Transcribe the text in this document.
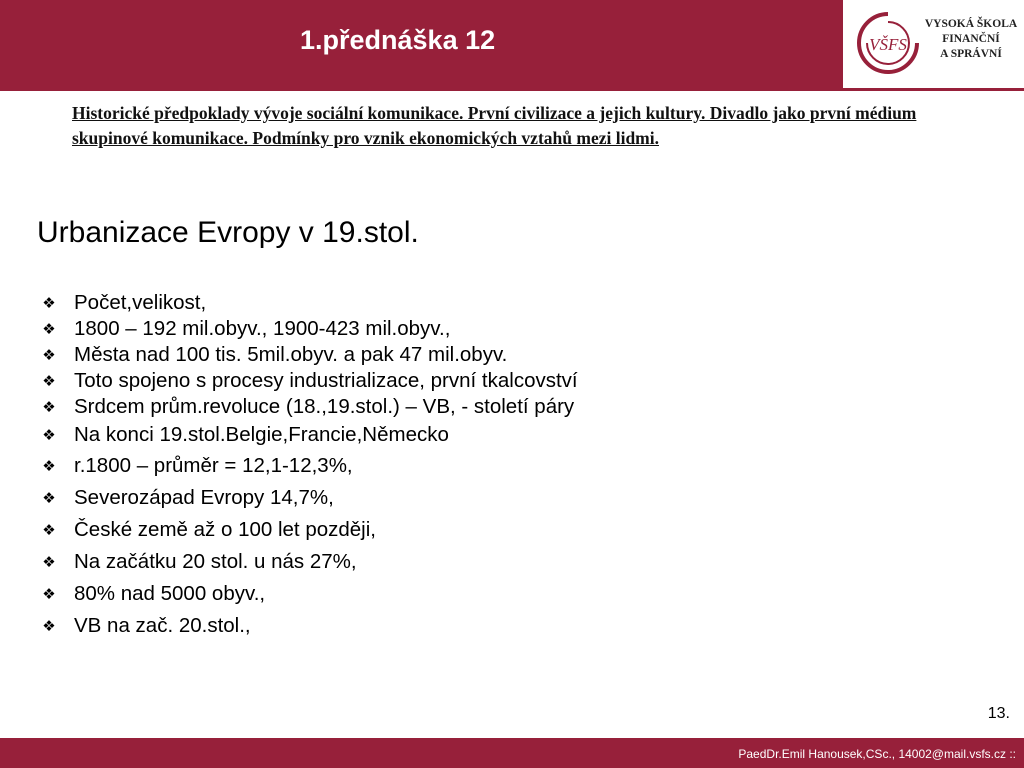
1.přednáška 12	VŠFS
VYSOKÁ ŠKOLA
FINANČNÍ
A SPRÁVNÍ
Historické předpoklady vývoje sociální komunikace. První civilizace a jejich kultury. Divadlo jako první médium skupinové komunikace. Podmínky pro vznik ekonomických vztahů mezi lidmi.
Urbanizace Evropy v 19.stol.
❖ Počet,velikost,
❖ 1800 – 192 mil.obyv., 1900-423 mil.obyv.,
❖ Města nad 100 tis. 5mil.obyv. a pak 47 mil.obyv.
❖ Toto spojeno s procesy industrializace, první tkalcovství
❖ Srdcem prům.revoluce (18.,19.stol.) – VB, - století páry
❖ Na konci 19.stol.Belgie,Francie,Německo
❖ r.1800 – průměr = 12,1-12,3%,
❖ Severozápad Evropy 14,7%,
❖ České země až o 100 let později,
❖ Na začátku 20 stol. u nás 27%,
❖ 80% nad 5000 obyv.,
❖ VB na zač. 20.stol.,
13.
PaedDr.Emil Hanousek,CSc., 14002@mail.vsfs.cz ::
